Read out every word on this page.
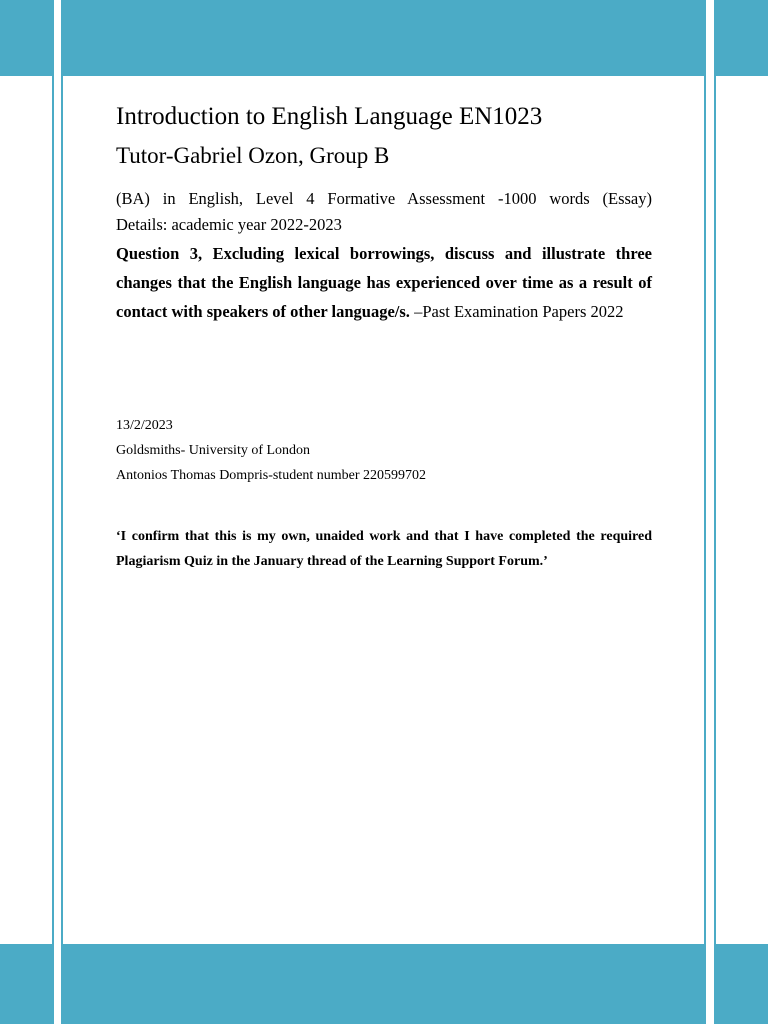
Introduction to English Language EN1023
Tutor-Gabriel Ozon, Group B

(BA) in English, Level 4 Formative Assessment -1000 words (Essay)

Details: academic year 2022-2023

Question 3, Excluding lexical borrowings, discuss and illustrate three changes that the English language has experienced over time as a result of contact with speakers of other language/s. –Past Examination Papers 2022

13/2/2023
Goldsmiths- University of London
Antonios Thomas Dompris-student number 220599702
‘I confirm that this is my own, unaided work and that I have completed the required Plagiarism Quiz in the January thread of the Learning Support Forum.’
